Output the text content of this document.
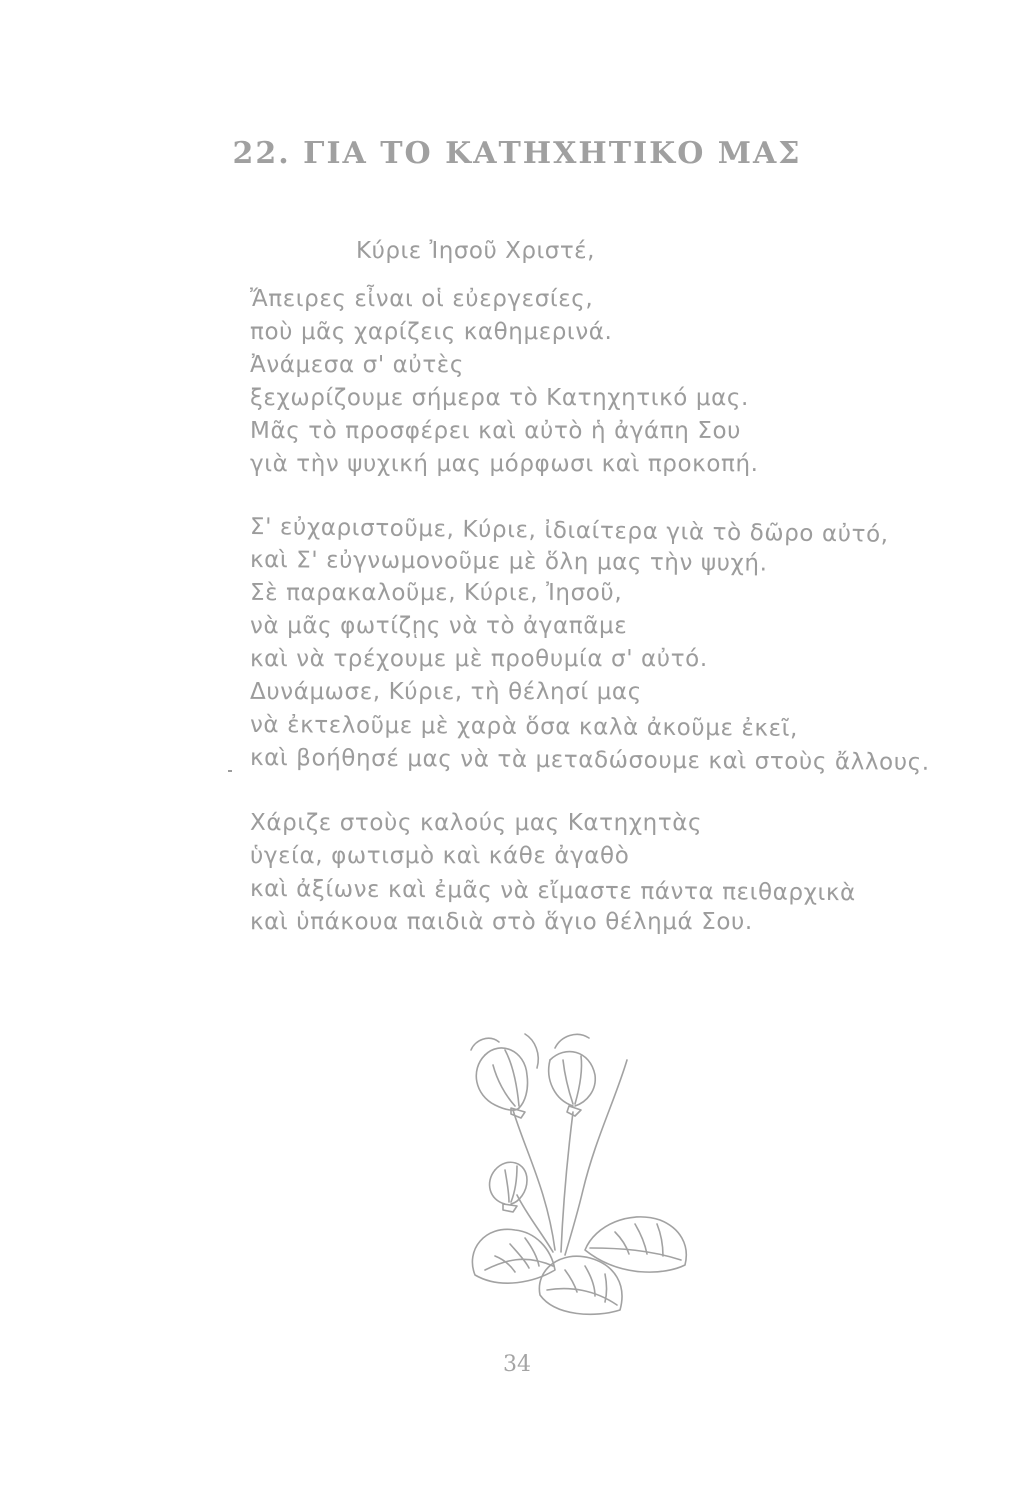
22. ΓΙΑ ΤΟ ΚΑΤΗΧΗΤΙΚΟ ΜΑΣ
Κύριε Ἰησοῦ Χριστέ,
Ἄπειρες εἶναι οἱ εὐεργεσίες,
ποὺ μᾶς χαρίζεις καθημερινά.
Ἀνάμεσα σ' αὐτὲς
ξεχωρίζουμε σήμερα τὸ Κατηχητικό μας.
Μᾶς τὸ προσφέρει καὶ αὐτὸ ἡ ἀγάπη Σου
γιὰ τὴν ψυχική μας μόρφωσι καὶ προκοπή.
Σ' εὐχαριστοῦμε, Κύριε, ἰδιαίτερα γιὰ τὸ δῶρο αὐτό,
καὶ Σ' εὐγνωμονοῦμε μὲ ὅλη μας τὴν ψυχή.
Σὲ παρακαλοῦμε, Κύριε, Ἰησοῦ,
νὰ μᾶς φωτίζῃς νὰ τὸ ἀγαπᾶμε
καὶ νὰ τρέχουμε μὲ προθυμία σ' αὐτό.
Δυνάμωσε, Κύριε, τὴ θέλησί μας
νὰ ἐκτελοῦμε μὲ χαρὰ ὅσα καλὰ ἀκοῦμε ἐκεῖ,
καὶ βοήθησέ μας νὰ τὰ μεταδώσουμε καὶ στοὺς ἄλλους.
Χάριζε στοὺς καλούς μας Κατηχητὰς
ὑγεία, φωτισμὸ καὶ κάθε ἀγαθὸ
καὶ ἀξίωνε καὶ ἐμᾶς νὰ εἴμαστε πάντα πειθαρχικὰ
καὶ ὑπάκουα παιδιὰ στὸ ἅγιο θέλημά Σου.
34
